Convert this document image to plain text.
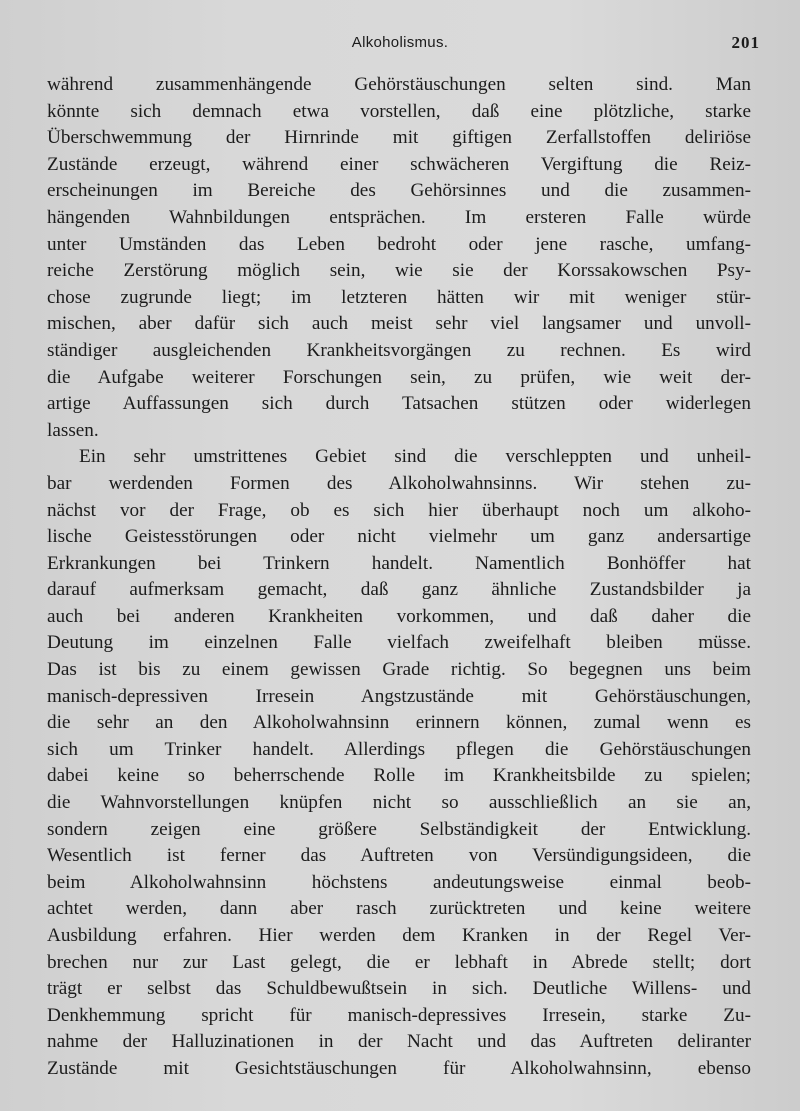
Alkoholismus.	201
während zusammenhängende Gehörstäuschungen selten sind. Man
könnte sich demnach etwa vorstellen, daß eine plötzliche, starke
Überschwemmung der Hirnrinde mit giftigen Zerfallstoffen deliriöse
Zustände erzeugt, während einer schwächeren Vergiftung die Reiz-
erscheinungen im Bereiche des Gehörsinnes und die zusammen-
hängenden Wahnbildungen entsprächen. Im ersteren Falle würde
unter Umständen das Leben bedroht oder jene rasche, umfang-
reiche Zerstörung möglich sein, wie sie der Korssakowschen Psy-
chose zugrunde liegt; im letzteren hätten wir mit weniger stür-
mischen, aber dafür sich auch meist sehr viel langsamer und unvoll-
ständiger ausgleichenden Krankheitsvorgängen zu rechnen. Es wird
die Aufgabe weiterer Forschungen sein, zu prüfen, wie weit der-
artige Auffassungen sich durch Tatsachen stützen oder widerlegen
lassen.
Ein sehr umstrittenes Gebiet sind die verschleppten und unheil-
bar werdenden Formen des Alkoholwahnsinns. Wir stehen zu-
nächst vor der Frage, ob es sich hier überhaupt noch um alkoho-
lische Geistesstörungen oder nicht vielmehr um ganz andersartige
Erkrankungen bei Trinkern handelt. Namentlich Bonhöffer hat
darauf aufmerksam gemacht, daß ganz ähnliche Zustandsbilder ja
auch bei anderen Krankheiten vorkommen, und daß daher die
Deutung im einzelnen Falle vielfach zweifelhaft bleiben müsse.
Das ist bis zu einem gewissen Grade richtig. So begegnen uns beim
manisch-depressiven Irresein Angstzustände mit Gehörstäuschungen,
die sehr an den Alkoholwahnsinn erinnern können, zumal wenn es
sich um Trinker handelt. Allerdings pflegen die Gehörstäuschungen
dabei keine so beherrschende Rolle im Krankheitsbilde zu spielen;
die Wahnvorstellungen knüpfen nicht so ausschließlich an sie an,
sondern zeigen eine größere Selbständigkeit der Entwicklung.
Wesentlich ist ferner das Auftreten von Versündigungsideen, die
beim Alkoholwahnsinn höchstens andeutungsweise einmal beob-
achtet werden, dann aber rasch zurücktreten und keine weitere
Ausbildung erfahren. Hier werden dem Kranken in der Regel Ver-
brechen nur zur Last gelegt, die er lebhaft in Abrede stellt; dort
trägt er selbst das Schuldbewußtsein in sich. Deutliche Willens- und
Denkhemmung spricht für manisch-depressives Irresein, starke Zu-
nahme der Halluzinationen in der Nacht und das Auftreten deliranter
Zustände mit Gesichtstäuschungen für Alkoholwahnsinn, ebenso
